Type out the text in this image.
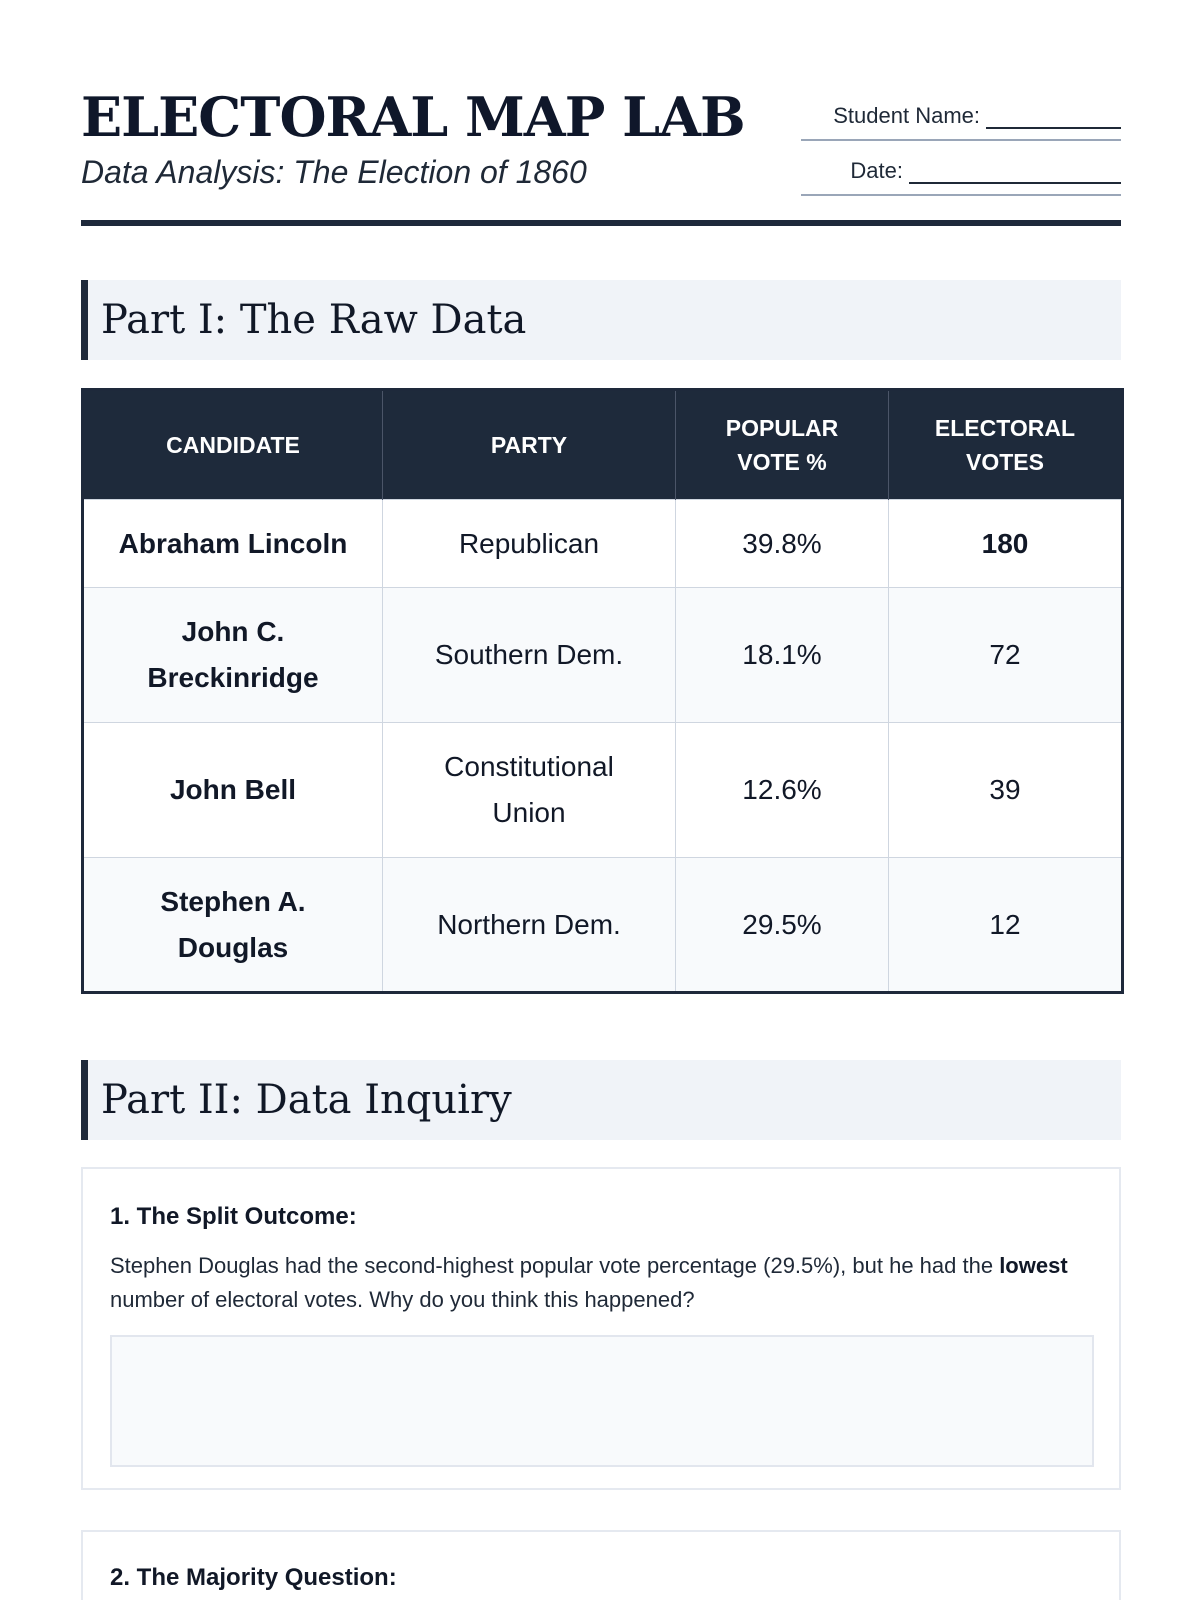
ELECTORAL MAP LAB
Data Analysis: The Election of 1860
Student Name:
Date:
Part I: The Raw Data
CANDIDATE	PARTY	POPULAR VOTE %	ELECTORAL VOTES
Abraham Lincoln	Republican	39.8%	180
John C. Breckinridge	Southern Dem.	18.1%	72
John Bell	Constitutional Union	12.6%	39
Stephen A. Douglas	Northern Dem.	29.5%	12
Part II: Data Inquiry
1. The Split Outcome:
Stephen Douglas had the second-highest popular vote percentage (29.5%), but he had the lowest number of electoral votes. Why do you think this happened?
2. The Majority Question:
